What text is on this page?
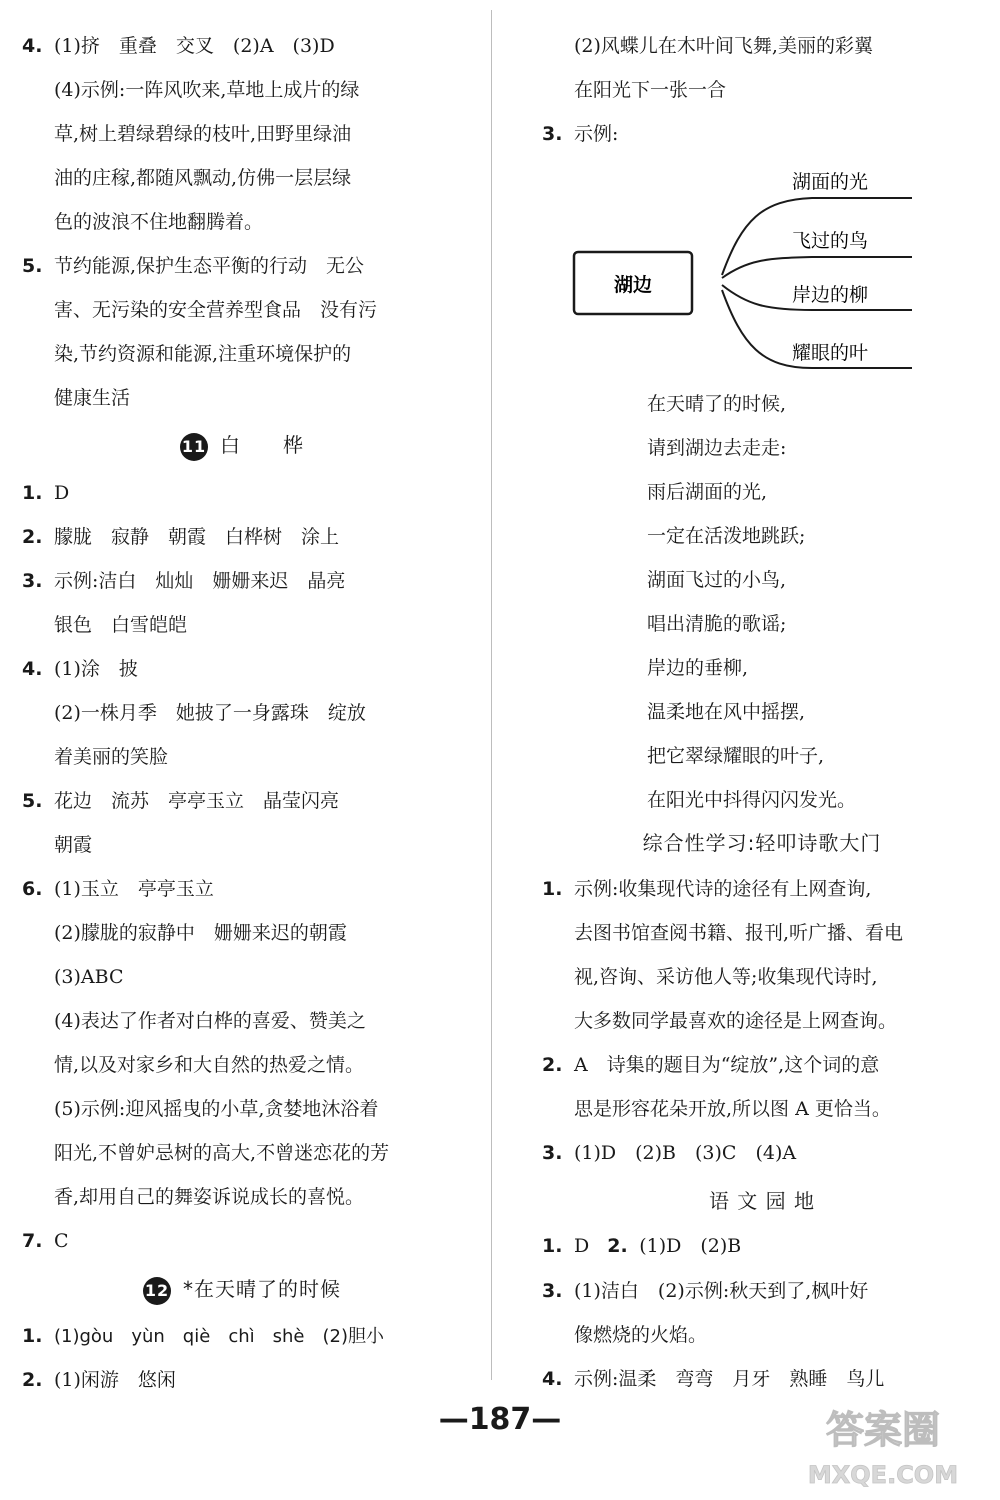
4. (1)挤　重叠　交叉　(2)A　(3)D
(4)示例:一阵风吹来,草地上成片的绿
草,树上碧绿碧绿的枝叶,田野里绿油
油的庄稼,都随风飘动,仿佛一层层绿
色的波浪不住地翻腾着。
5. 节约能源,保护生态平衡的行动　无公
害、无污染的安全营养型食品　没有污
染,节约资源和能源,注重环境保护的
健康生活
11 白　　桦
1. D
2. 朦胧　寂静　朝霞　白桦树　涂上
3. 示例:洁白　灿灿　姗姗来迟　晶亮
银色　白雪皑皑
4. (1)涂　披
(2)一株月季　她披了一身露珠　绽放
着美丽的笑脸
5. 花边　流苏　亭亭玉立　晶莹闪亮
朝霞
6. (1)玉立　亭亭玉立
(2)朦胧的寂静中　姗姗来迟的朝霞
(3)ABC
(4)表达了作者对白桦的喜爱、赞美之
情,以及对家乡和大自然的热爱之情。
(5)示例:迎风摇曳的小草,贪婪地沐浴着
阳光,不曾妒忌树的高大,不曾迷恋花的芳
香,却用自己的舞姿诉说成长的喜悦。
7. C
12 *在天晴了的时候
1. (1)gòu　yùn　qiè　chì　shè　(2)胆小
2. (1)闲游　悠闲
(2)风蝶儿在木叶间飞舞,美丽的彩翼
在阳光下一张一合
3. 示例:
湖边
湖面的光
飞过的鸟
岸边的柳
耀眼的叶
在天晴了的时候,
请到湖边去走走:
雨后湖面的光,
一定在活泼地跳跃;
湖面飞过的小鸟,
唱出清脆的歌谣;
岸边的垂柳,
温柔地在风中摇摆,
把它翠绿耀眼的叶子,
在阳光中抖得闪闪发光。
综合性学习:轻叩诗歌大门
1. 示例:收集现代诗的途径有上网查询,
去图书馆查阅书籍、报刊,听广播、看电
视,咨询、采访他人等;收集现代诗时,
大多数同学最喜欢的途径是上网查询。
2. A　诗集的题目为“绽放”,这个词的意
思是形容花朵开放,所以图 A 更恰当。
3. (1)D　(2)B　(3)C　(4)A
语 文 园 地
1. D 2. (1)D　(2)B
3. (1)洁白　(2)示例:秋天到了,枫叶好
像燃烧的火焰。
4. 示例:温柔　弯弯　月牙　熟睡　鸟儿
—187—	答案圈
MXQE.COM
